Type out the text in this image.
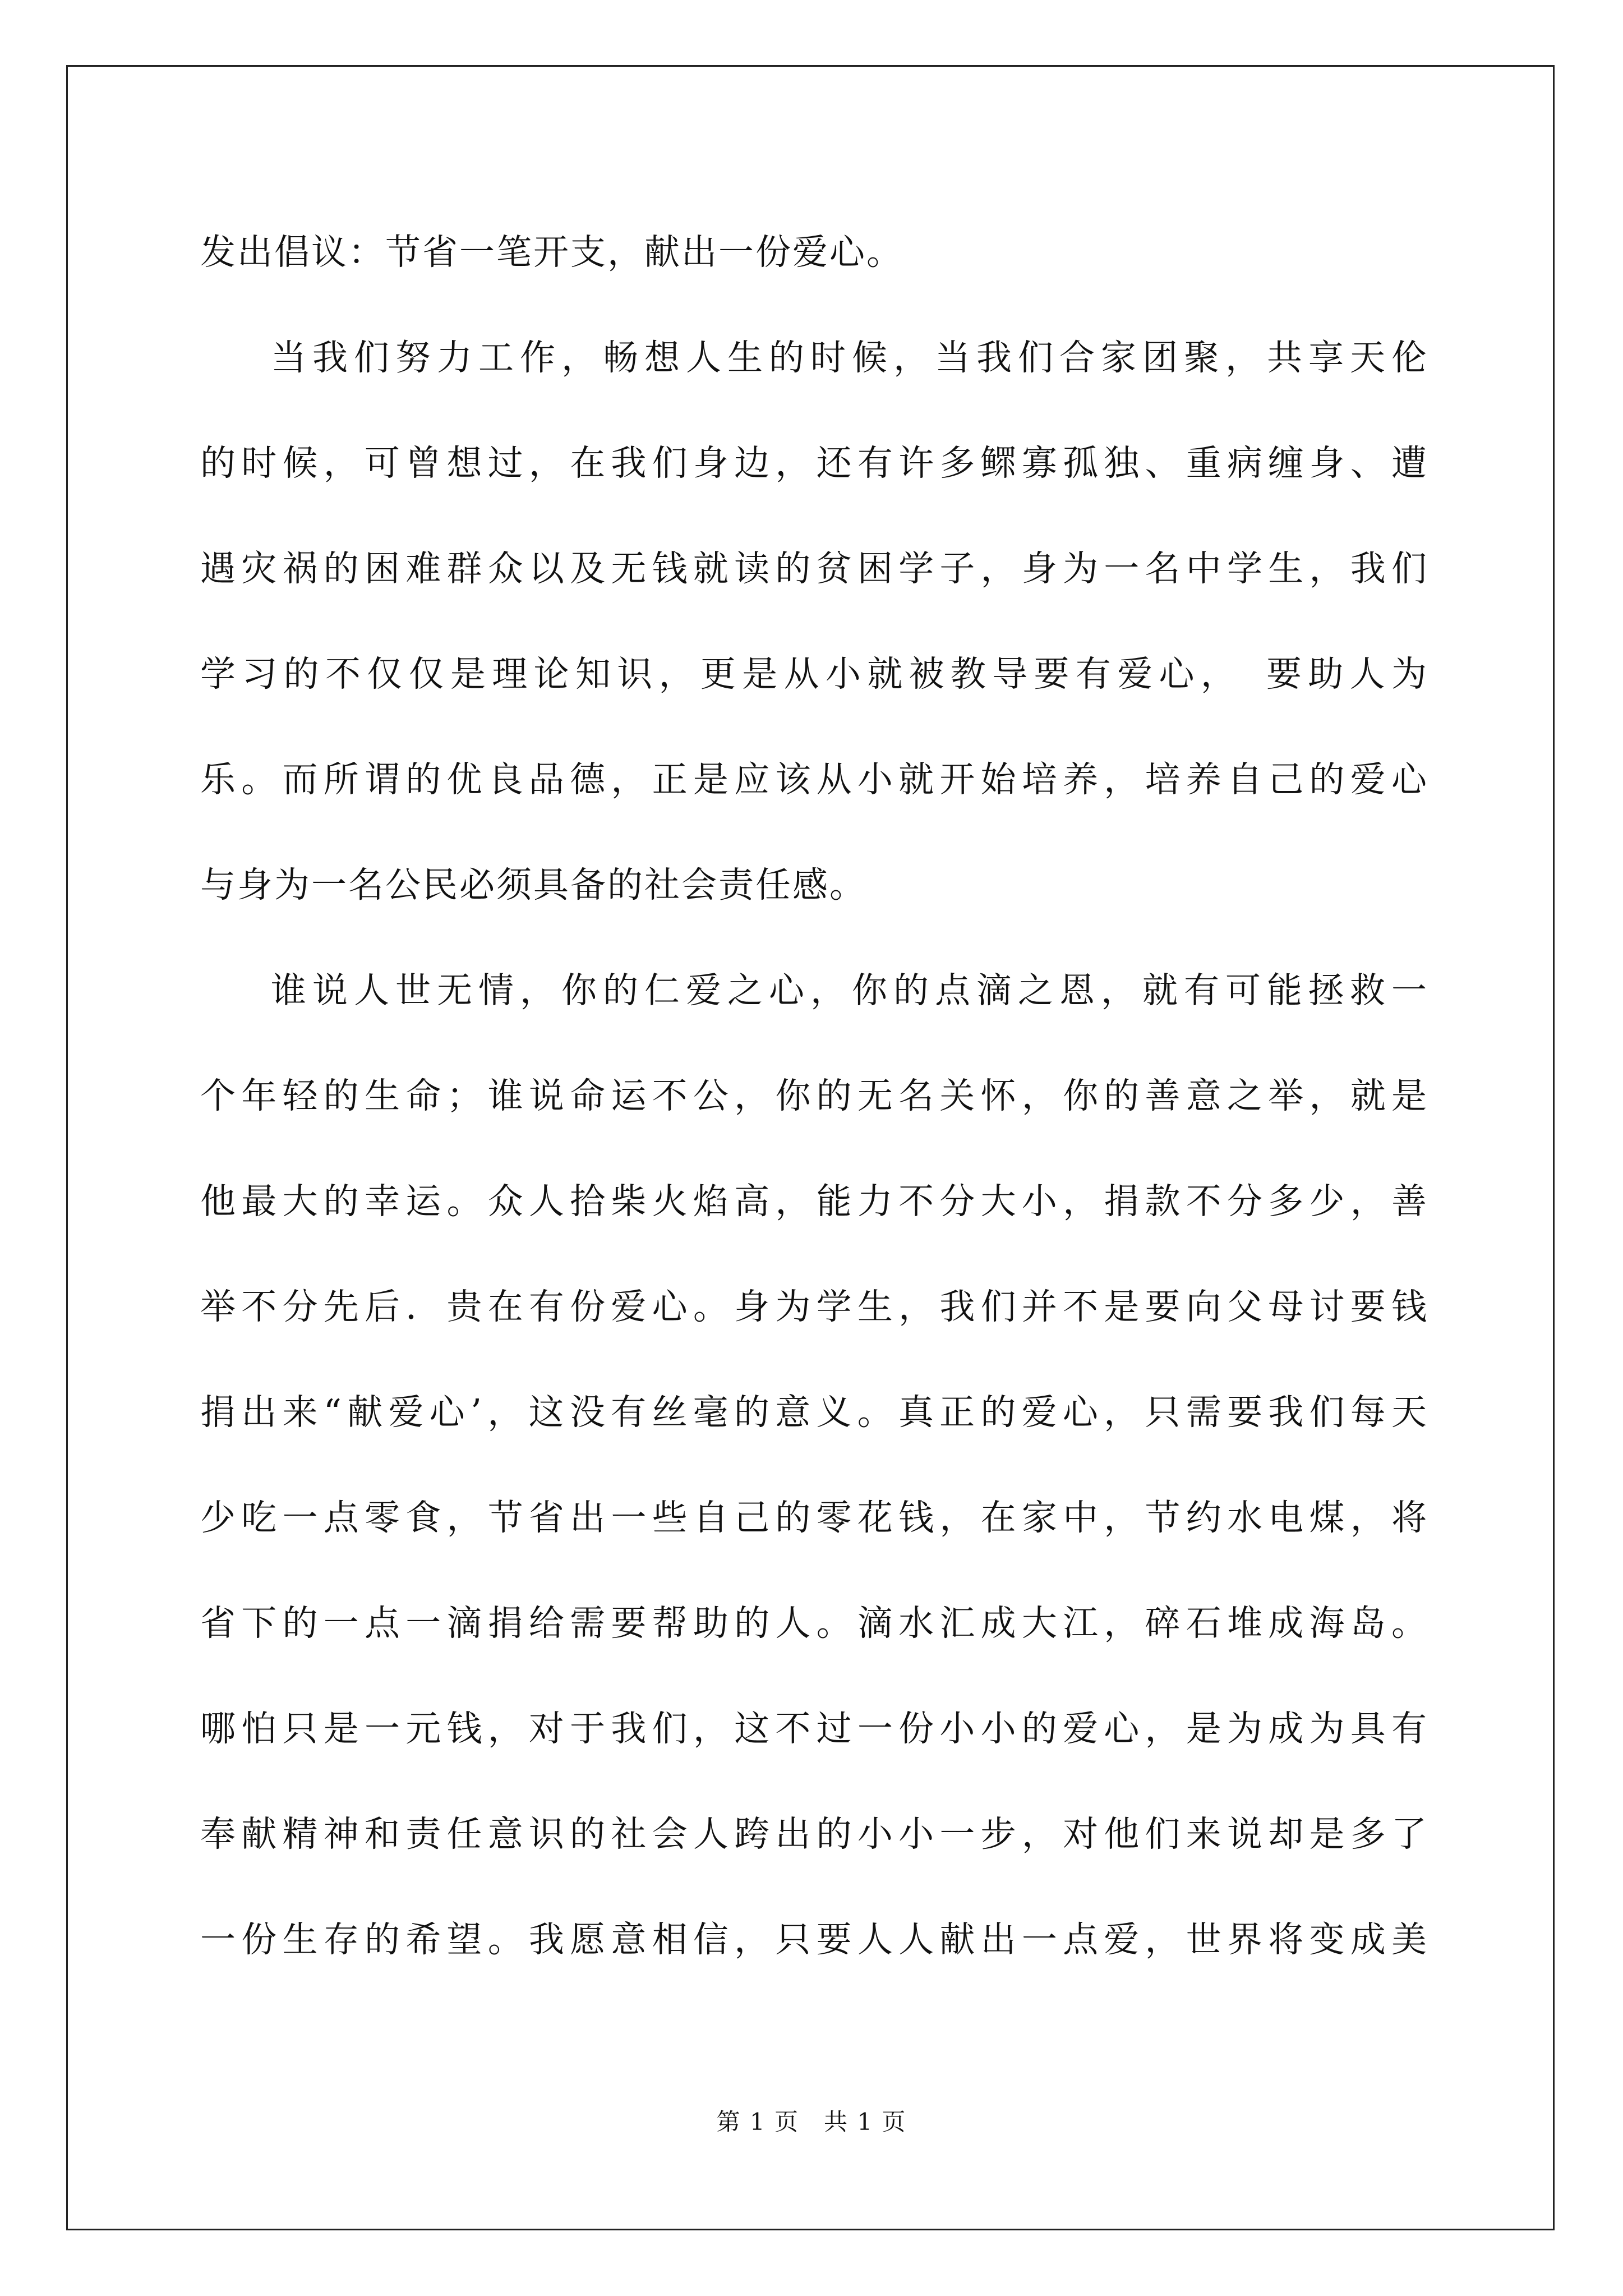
发出倡议：节省一笔开支，献出一份爱心。
当我们努力工作，畅想人生的时候，当我们合家团聚，共享天伦
的时候，可曾想过，在我们身边，还有许多鳏寡孤独、重病缠身、遭
遇灾祸的困难群众以及无钱就读的贫困学子，身为一名中学生，我们
学习的不仅仅是理论知识，更是从小就被教导要有爱心，　要助人为
乐。而所谓的优良品德，正是应该从小就开始培养，培养自己的爱心
与身为一名公民必须具备的社会责任感。
谁说人世无情，你的仁爱之心，你的点滴之恩，就有可能拯救一
个年轻的生命；谁说命运不公，你的无名关怀，你的善意之举，就是
他最大的幸运。众人拾柴火焰高，能力不分大小，捐款不分多少，善
举不分先后．贵在有份爱心。身为学生，我们并不是要向父母讨要钱
捐出来“献爱心’，这没有丝毫的意义。真正的爱心，只需要我们每天
少吃一点零食，节省出一些自己的零花钱，在家中，节约水电煤，将
省下的一点一滴捐给需要帮助的人。滴水汇成大江，碎石堆成海岛。
哪怕只是一元钱，对于我们，这不过一份小小的爱心，是为成为具有
奉献精神和责任意识的社会人跨出的小小一步，对他们来说却是多了
一份生存的希望。我愿意相信，只要人人献出一点爱，世界将变成美
第 1 页　共 1 页
